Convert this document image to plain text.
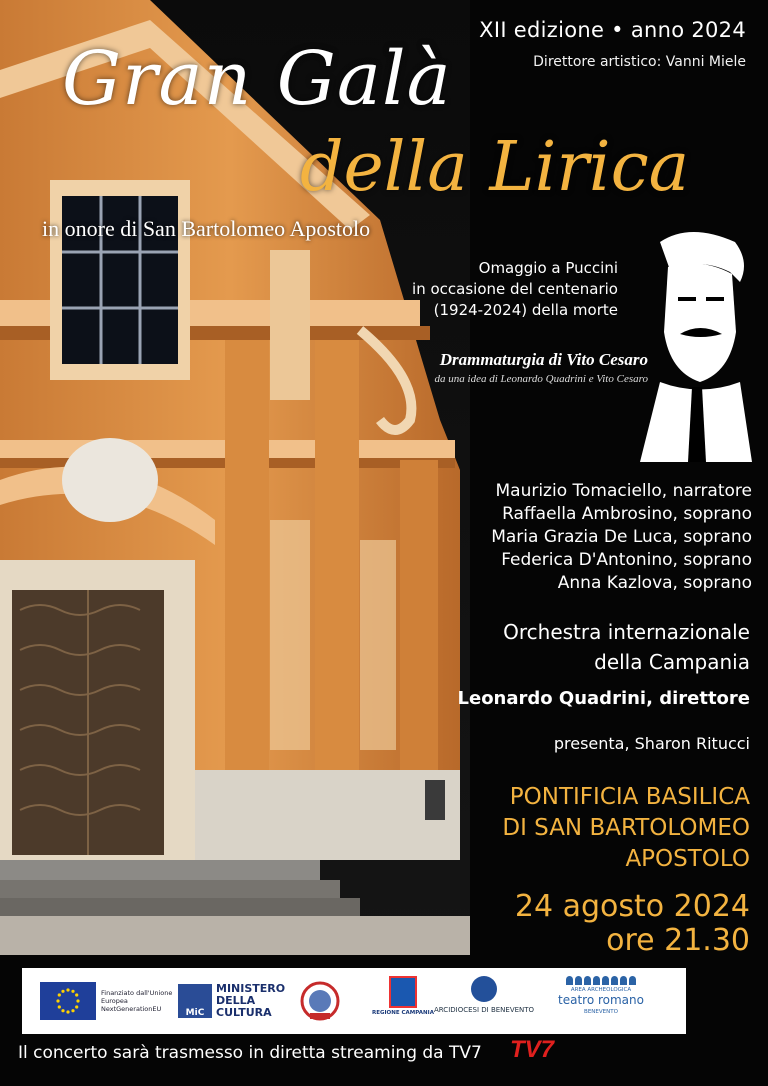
XII edizione • anno 2024
Direttore artistico: Vanni Miele
Gran Galà
della Lirica
in onore di San Bartolomeo Apostolo
Omaggio a Puccini
in occasione del centenario
(1924-2024) della morte
Drammaturgia di Vito Cesaro
da una idea di Leonardo Quadrini e Vito Cesaro
Maurizio Tomaciello, narratore
Raffaella Ambrosino, soprano
Maria Grazia De Luca, soprano
Federica D'Antonino, soprano
Anna Kazlova, soprano
Orchestra internazionale
della Campania
Leonardo Quadrini, direttore
presenta, Sharon Ritucci
PONTIFICIA BASILICA
DI SAN BARTOLOMEO
APOSTOLO
24 agosto 2024
ore 21.30
Finanziato dall'Unione Europea NextGenerationEU	MiC
MINISTERO
DELLA
CULTURA	REGIONE CAMPANIA ARCIDIOCESI DI BENEVENTO
AREA ARCHEOLOGICA
teatro romano
BENEVENTO
Il concerto sarà trasmesso in diretta streaming da TV7 TV7
